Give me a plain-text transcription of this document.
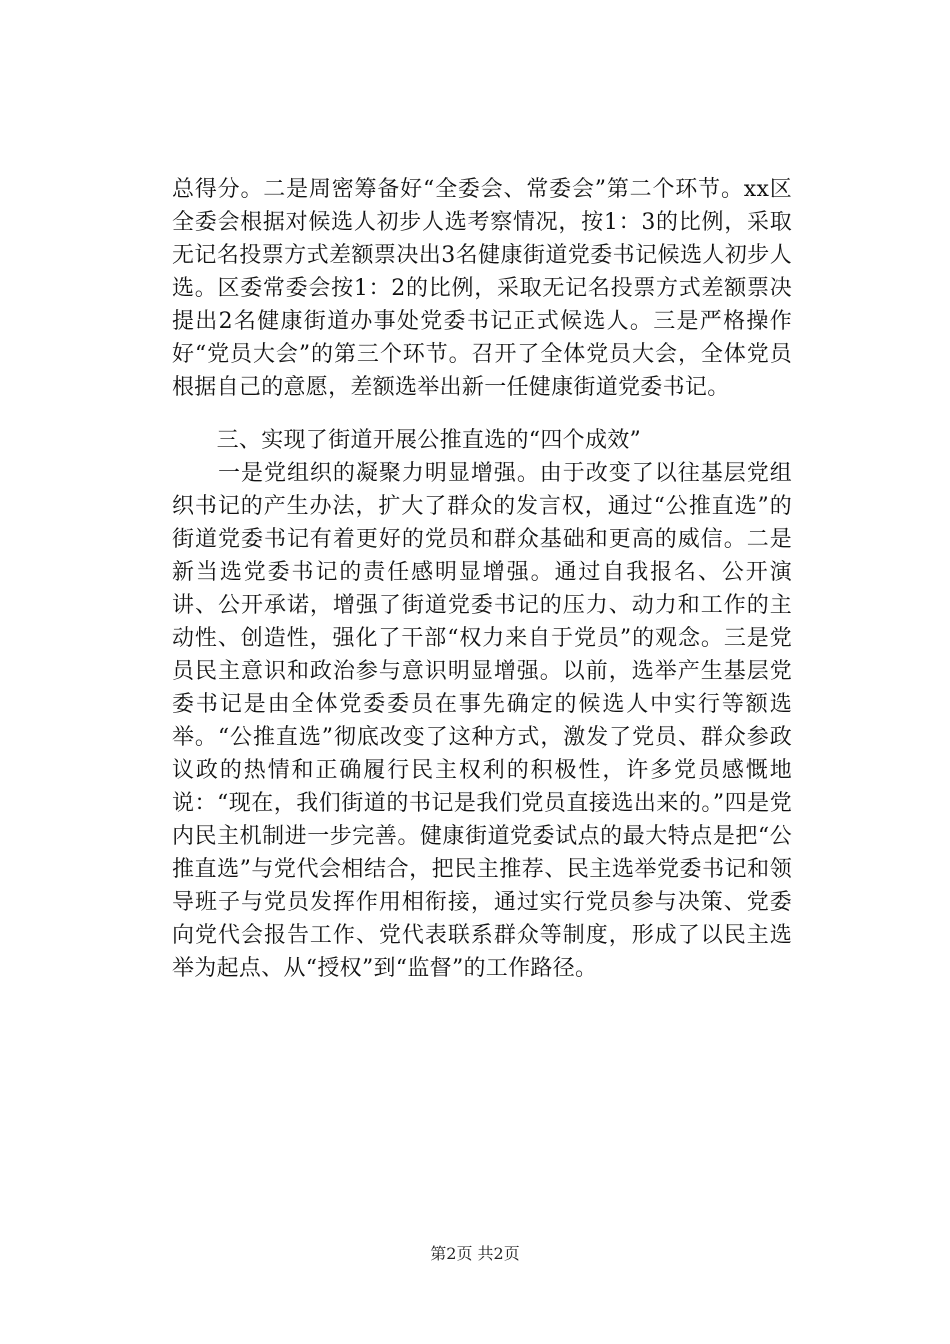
总得分。二是周密筹备好“全委会、常委会”第二个环节。xx区全委会根据对候选人初步人选考察情况，按1：3的比例，采取无记名投票方式差额票决出3名健康街道党委书记候选人初步人选。区委常委会按1：2的比例，采取无记名投票方式差额票决提出2名健康街道办事处党委书记正式候选人。三是严格操作好“党员大会”的第三个环节。召开了全体党员大会，全体党员根据自己的意愿，差额选举出新一任健康街道党委书记。
　　三、实现了街道开展公推直选的“四个成效”
　　一是党组织的凝聚力明显增强。由于改变了以往基层党组织书记的产生办法，扩大了群众的发言权，通过“公推直选”的街道党委书记有着更好的党员和群众基础和更高的威信。二是新当选党委书记的责任感明显增强。通过自我报名、公开演讲、公开承诺，增强了街道党委书记的压力、动力和工作的主动性、创造性，强化了干部“权力来自于党员”的观念。三是党员民主意识和政治参与意识明显增强。以前，选举产生基层党委书记是由全体党委委员在事先确定的候选人中实行等额选举。“公推直选”彻底改变了这种方式，激发了党员、群众参政议政的热情和正确履行民主权利的积极性，许多党员感慨地说：“现在，我们街道的书记是我们党员直接选出来的。”四是党内民主机制进一步完善。健康街道党委试点的最大特点是把“公推直选”与党代会相结合，把民主推荐、民主选举党委书记和领导班子与党员发挥作用相衔接，通过实行党员参与决策、党委向党代会报告工作、党代表联系群众等制度，形成了以民主选举为起点、从“授权”到“监督”的工作路径。
第2页 共2页
